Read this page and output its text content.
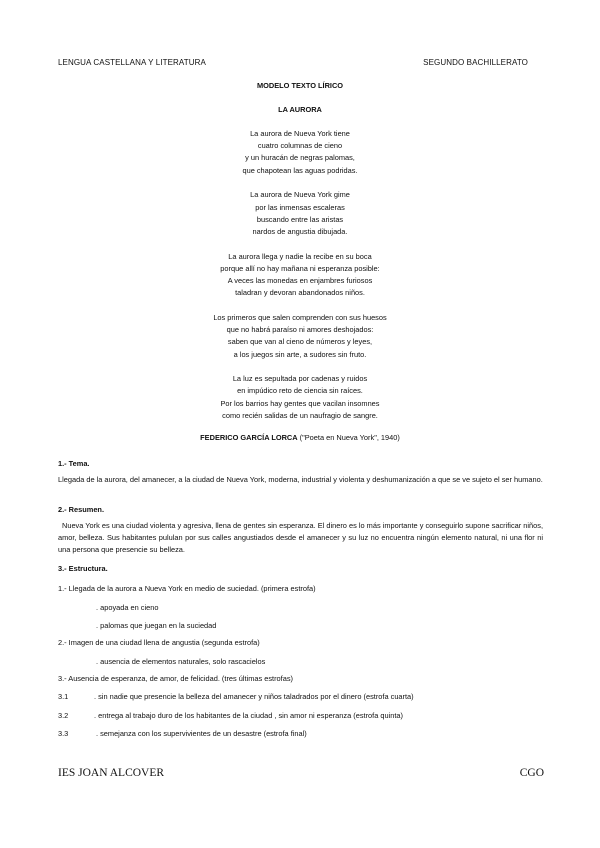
LENGUA CASTELLANA Y LITERATURA	SEGUNDO BACHILLERATO
MODELO TEXTO LÍRICO
LA AURORA

La aurora de Nueva York tiene
cuatro columnas de cieno
y un huracán de negras palomas,
que chapotean las aguas podridas.

La aurora de Nueva York gime
por las inmensas escaleras
buscando entre las aristas
nardos de angustia dibujada.

La aurora llega y nadie la recibe en su boca
porque allí no hay mañana ni esperanza posible:
A veces las monedas en enjambres furiosos
taladran y devoran abandonados niños.

Los primeros que salen comprenden con sus huesos
que no habrá paraíso ni amores deshojados:
saben que van al cieno de números y leyes,
a los juegos sin arte, a sudores sin fruto.

La luz es sepultada por cadenas y ruidos
en impúdico reto de ciencia sin raíces.
Por los barrios hay gentes que vacilan insomnes
como recién salidas de un naufragio de sangre.

FEDERICO GARCÍA LORCA ("Poeta en Nueva York", 1940)
1.- Tema.
Llegada de la aurora, del amanecer, a la ciudad de Nueva York, moderna, industrial y violenta y deshumanización a que se ve sujeto el ser humano.
2.- Resumen.
Nueva York es una ciudad violenta y agresiva, llena de gentes sin esperanza. El dinero es lo más importante y conseguirlo supone sacrificar niños, amor, belleza. Sus habitantes pululan por sus calles angustiados desde el amanecer y su luz no encuentra ningún elemento natural, ni una flor ni una persona que presencie su belleza.
3.- Estructura.
1.- Llegada de la aurora a Nueva York en medio de suciedad. (primera estrofa)
. apoyada en cieno
. palomas que juegan en la suciedad
2.- Imagen de una ciudad llena de angustia (segunda estrofa)
. ausencia de elementos naturales, solo rascacielos
3.- Ausencia de esperanza, de amor, de felicidad. (tres últimas estrofas)
3.1	. sin nadie que presencie la belleza del amanecer y niños taladrados por el dinero (estrofa cuarta)
3.2	. entrega al trabajo duro de los habitantes de la ciudad , sin amor ni esperanza (estrofa quinta)
3.3	. semejanza con los supervivientes de un desastre (estrofa final)
IES JOAN ALCOVER	CGO
